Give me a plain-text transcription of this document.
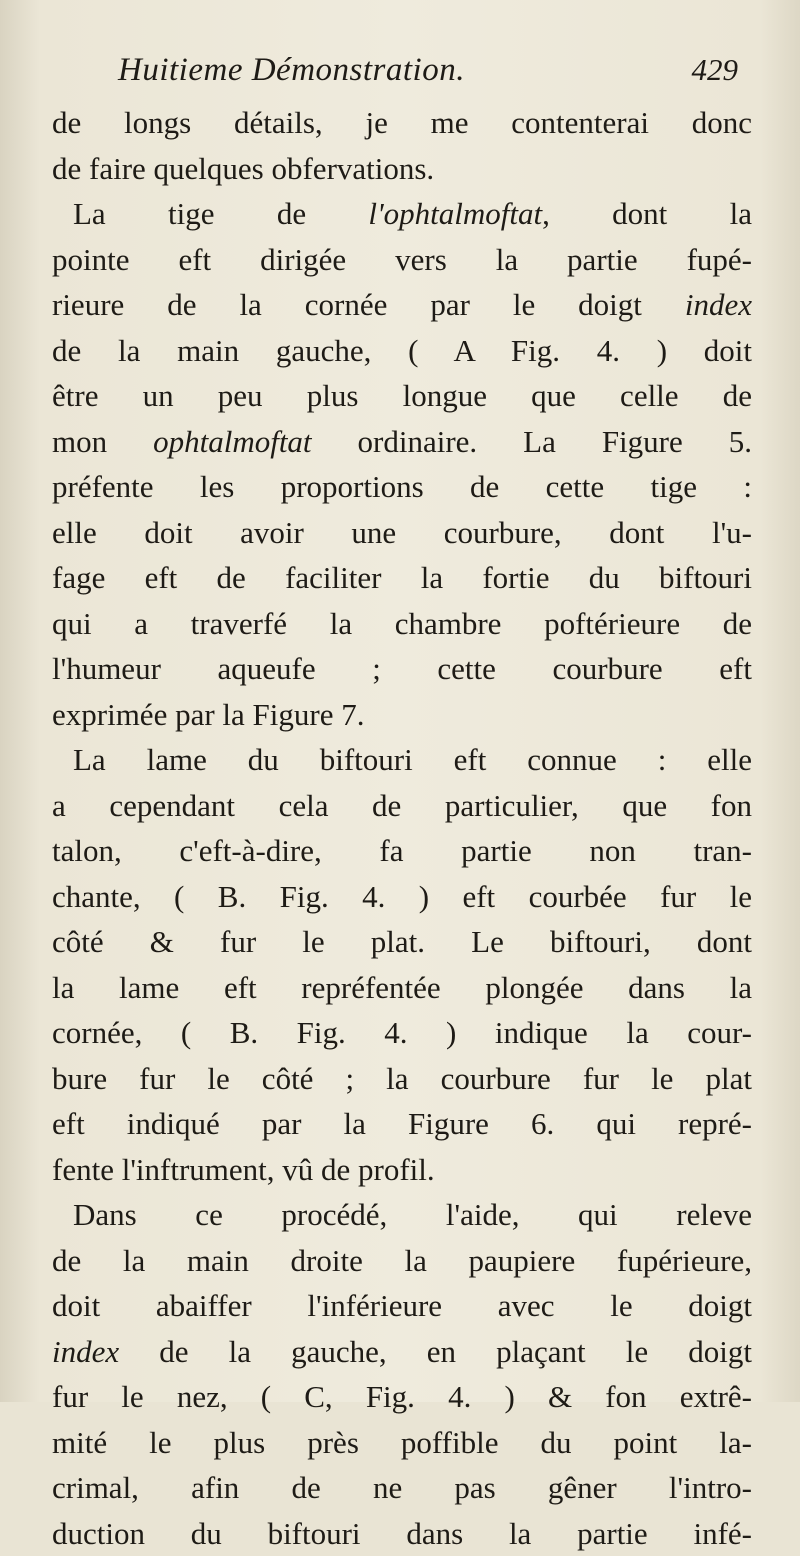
Huitieme Démonstration.	429
de longs détails, je me contenterai donc
de faire quelques obfervations.
La tige de l'ophtalmoftat, dont la
pointe eft dirigée vers la partie fupé-
rieure de la cornée par le doigt index
de la main gauche, ( A Fig. 4. ) doit
être un peu plus longue que celle de
mon ophtalmoftat ordinaire. La Figure 5.
préfente les proportions de cette tige :
elle doit avoir une courbure, dont l'u-
fage eft de faciliter la fortie du biftouri
qui a traverfé la chambre poftérieure de
l'humeur aqueufe ; cette courbure eft
exprimée par la Figure 7.
La lame du biftouri eft connue : elle
a cependant cela de particulier, que fon
talon, c'eft-à-dire, fa partie non tran-
chante, ( B. Fig. 4. ) eft courbée fur le
côté & fur le plat. Le biftouri, dont
la lame eft repréfentée plongée dans la
cornée, ( B. Fig. 4. ) indique la cour-
bure fur le côté ; la courbure fur le plat
eft indiqué par la Figure 6. qui repré-
fente l'inftrument, vû de profil.
Dans ce procédé, l'aide, qui releve
de la main droite la paupiere fupérieure,
doit abaiffer l'inférieure avec le doigt
index de la gauche, en plaçant le doigt
fur le nez, ( C, Fig. 4. ) & fon extrê-
mité le plus près poffible du point la-
crimal, afin de ne pas gêner l'intro-
duction du biftouri dans la partie infé-
